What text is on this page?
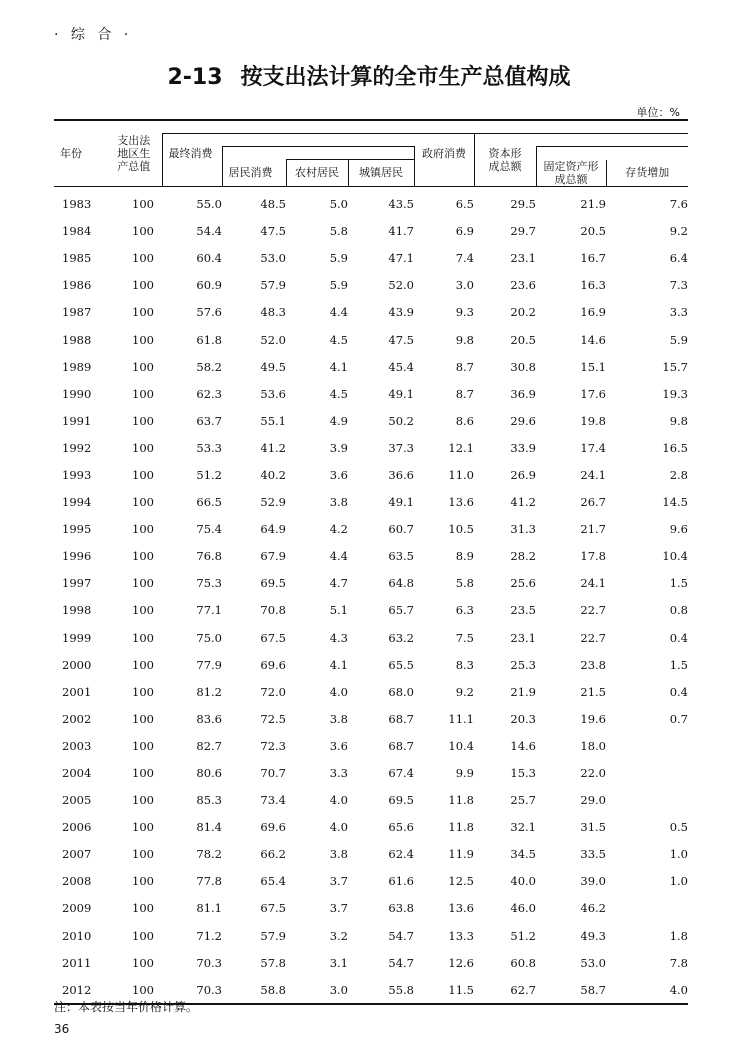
· 综 合 ·
2-13 按支出法计算的全市生产总值构成
单位：%
年份	支出法
地区生
产总值								

		最终消费				政府消费	资本形
成总额		

			居民消费	农村居民	城镇居民			固定资产形
成总额	存货增加
1983	100	55.0	48.5	5.0	43.5	6.5	29.5	21.9	7.6
1984	100	54.4	47.5	5.8	41.7	6.9	29.7	20.5	9.2
1985	100	60.4	53.0	5.9	47.1	7.4	23.1	16.7	6.4
1986	100	60.9	57.9	5.9	52.0	3.0	23.6	16.3	7.3
1987	100	57.6	48.3	4.4	43.9	9.3	20.2	16.9	3.3
1988	100	61.8	52.0	4.5	47.5	9.8	20.5	14.6	5.9
1989	100	58.2	49.5	4.1	45.4	8.7	30.8	15.1	15.7
1990	100	62.3	53.6	4.5	49.1	8.7	36.9	17.6	19.3
1991	100	63.7	55.1	4.9	50.2	8.6	29.6	19.8	9.8
1992	100	53.3	41.2	3.9	37.3	12.1	33.9	17.4	16.5
1993	100	51.2	40.2	3.6	36.6	11.0	26.9	24.1	2.8
1994	100	66.5	52.9	3.8	49.1	13.6	41.2	26.7	14.5
1995	100	75.4	64.9	4.2	60.7	10.5	31.3	21.7	9.6
1996	100	76.8	67.9	4.4	63.5	8.9	28.2	17.8	10.4
1997	100	75.3	69.5	4.7	64.8	5.8	25.6	24.1	1.5
1998	100	77.1	70.8	5.1	65.7	6.3	23.5	22.7	0.8
1999	100	75.0	67.5	4.3	63.2	7.5	23.1	22.7	0.4
2000	100	77.9	69.6	4.1	65.5	8.3	25.3	23.8	1.5
2001	100	81.2	72.0	4.0	68.0	9.2	21.9	21.5	0.4
2002	100	83.6	72.5	3.8	68.7	11.1	20.3	19.6	0.7
2003	100	82.7	72.3	3.6	68.7	10.4	14.6	18.0	
2004	100	80.6	70.7	3.3	67.4	9.9	15.3	22.0	
2005	100	85.3	73.4	4.0	69.5	11.8	25.7	29.0	
2006	100	81.4	69.6	4.0	65.6	11.8	32.1	31.5	0.5
2007	100	78.2	66.2	3.8	62.4	11.9	34.5	33.5	1.0
2008	100	77.8	65.4	3.7	61.6	12.5	40.0	39.0	1.0
2009	100	81.1	67.5	3.7	63.8	13.6	46.0	46.2	
2010	100	71.2	57.9	3.2	54.7	13.3	51.2	49.3	1.8
2011	100	70.3	57.8	3.1	54.7	12.6	60.8	53.0	7.8
2012	100	70.3	58.8	3.0	55.8	11.5	62.7	58.7	4.0
注：本表按当年价格计算。
36
